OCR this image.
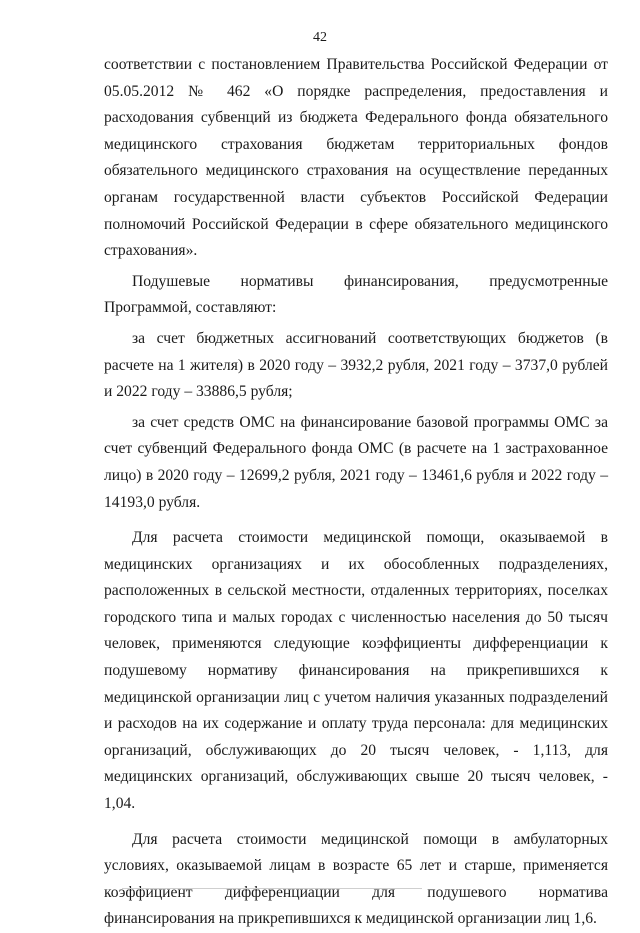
42

соответствии с постановлением Правительства Российской Федерации от 05.05.2012 № 462 «О порядке распределения, предоставления и расходования субвенций из бюджета Федерального фонда обязательного медицинского страхования бюджетам территориальных фондов обязательного медицинского страхования на осуществление переданных органам государственной власти субъектов Российской Федерации полномочий Российской Федерации в сфере обязательного медицинского страхования».

Подушевые нормативы финансирования, предусмотренные Программой, составляют:

за счет бюджетных ассигнований соответствующих бюджетов (в расчете на 1 жителя) в 2020 году – 3932,2 рубля, 2021 году – 3737,0 рублей и 2022 году – 33886,5 рубля;

за счет средств ОМС на финансирование базовой программы ОМС за счет субвенций Федерального фонда ОМС (в расчете на 1 застрахованное лицо) в 2020 году – 12699,2 рубля, 2021 году – 13461,6 рубля и 2022 году – 14193,0 рубля.

Для расчета стоимости медицинской помощи, оказываемой в медицинских организациях и их обособленных подразделениях, расположенных в сельской местности, отдаленных территориях, поселках городского типа и малых городах с численностью населения до 50 тысяч человек, применяются следующие коэффициенты дифференциации к подушевому нормативу финансирования на прикрепившихся к медицинской организации лиц с учетом наличия указанных подразделений и расходов на их содержание и оплату труда персонала: для медицинских организаций, обслуживающих до 20 тысяч человек, - 1,113, для медицинских организаций, обслуживающих свыше 20 тысяч человек, - 1,04.

Для расчета стоимости медицинской помощи в амбулаторных условиях, оказываемой лицам в возрасте 65 лет и старше, применяется коэффициент дифференциации для подушевого норматива финансирования на прикрепившихся к медицинской организации лиц 1,6.
